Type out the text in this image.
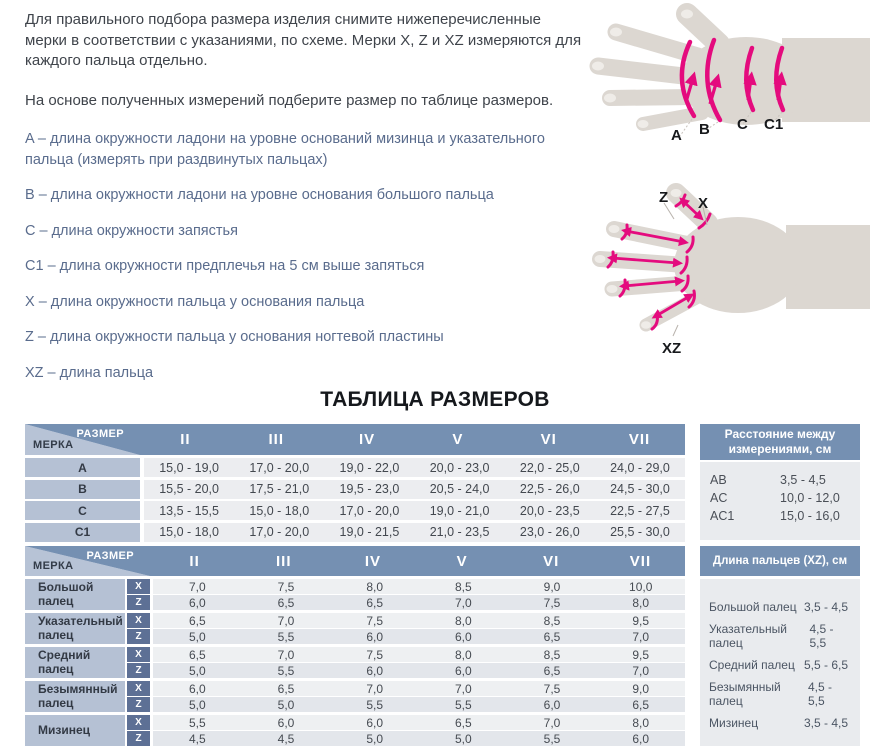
Для правильного подбора размера изделия снимите нижеперечисленные мерки в соответствии с указаниями, по схеме. Мерки X, Z и XZ измеряются для каждого пальца отдельно.

На основе полученных измерений подберите размер по таблице размеров.

A – длина окружности ладони на уровне оснований мизинца и указательного пальца (измерять при раздвинутых пальцах)

B – длина окружности ладони на уровне основания большого пальца

C – длина окружности запястья

C1 – длина окружности предплечья на 5 см выше запяться

X – длина окружности пальца у основания пальца

Z – длина окружности пальца у основания ногтевой пластины

XZ – длина пальца

A B C C1
Z X
XZ
ТАБЛИЦА РАЗМЕРОВ
РАЗМЕР
МЕРКА	II	III	IV	V	VI	VII
A	15,0 - 19,0	17,0 - 20,0	19,0 - 22,0	20,0 - 23,0	22,0 - 25,0	24,0 - 29,0
B	15,5 - 20,0	17,5 - 21,0	19,5 - 23,0	20,5 - 24,0	22,5 - 26,0	24,5 - 30,0
C	13,5 - 15,5	15,0 - 18,0	17,0 - 20,0	19,0 - 21,0	20,0 - 23,5	22,5 - 27,5
C1	15,0 - 18,0	17,0 - 20,0	19,0 - 21,5	21,0 - 23,5	23,0 - 26,0	25,5 - 30,0
Расстояние между измерениями, см
AB	3,5 - 4,5
AC	10,0 - 12,0
AC1	15,0 - 16,0
РАЗМЕР
МЕРКА	II	III	IV	V	VI	VII
Большой палец
X	7,0	7,5	8,0	8,5	9,0	10,0
Z	6,0	6,5	6,5	7,0	7,5	8,0
Указательный палец
X	6,5	7,0	7,5	8,0	8,5	9,5
Z	5,0	5,5	6,0	6,0	6,5	7,0
Средний палец
X	6,5	7,0	7,5	8,0	8,5	9,5
Z	5,0	5,5	6,0	6,0	6,5	7,0
Безымянный палец
X	6,0	6,5	7,0	7,0	7,5	9,0
Z	5,0	5,0	5,5	5,5	6,0	6,5
Мизинец
X	5,5	6,0	6,0	6,5	7,0	8,0
Z	4,5	4,5	5,0	5,0	5,5	6,0
Длина пальцев (XZ), см
Большой палец 3,5 - 4,5
Указательный палец
4,5 - 5,5
Средний палец 5,5 - 6,5
Безымянный палец
4,5 - 5,5
Мизинец	3,5 - 4,5
